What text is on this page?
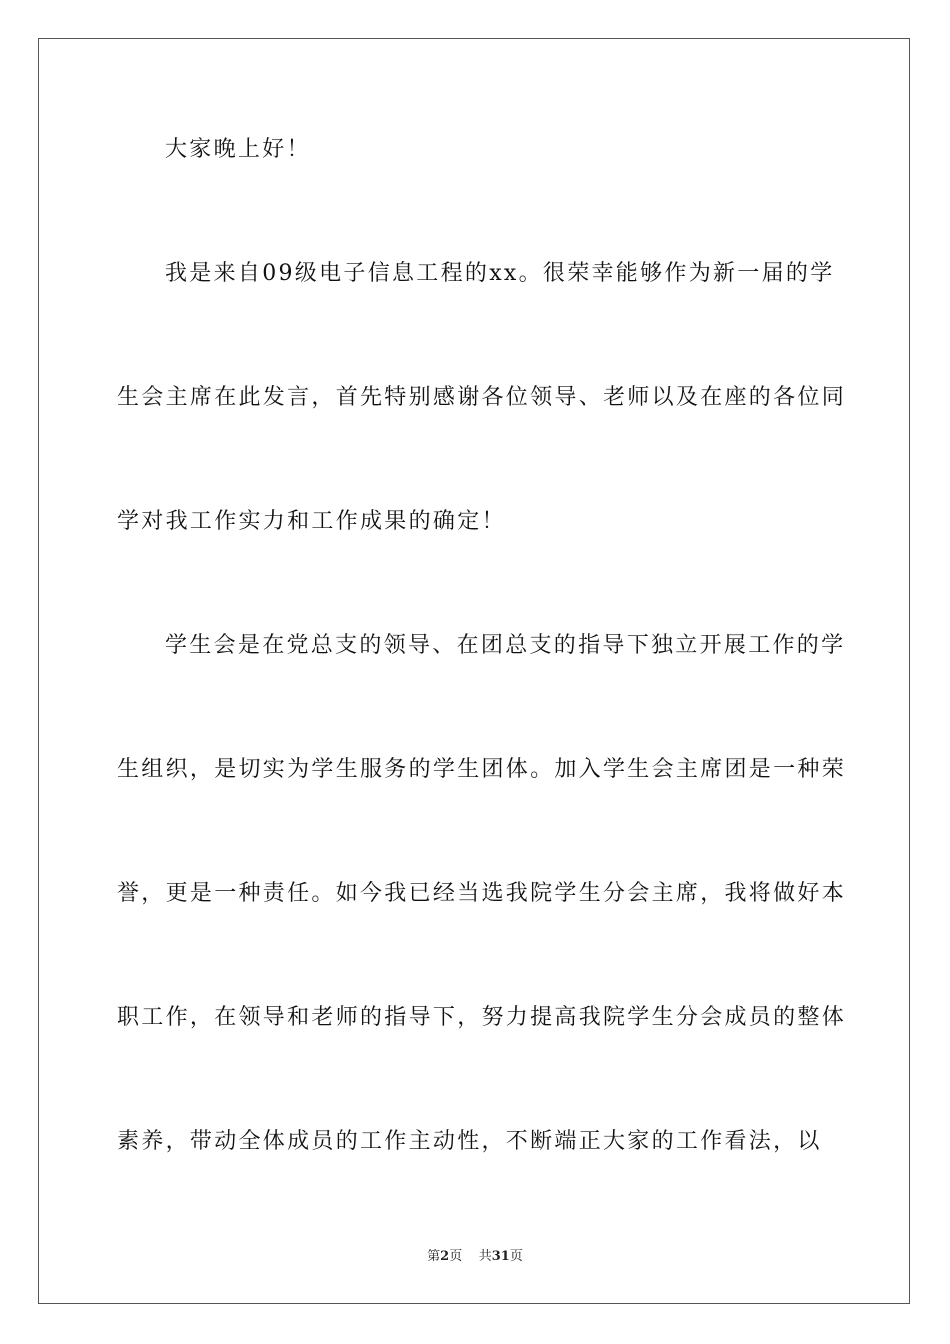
大家晚上好！
我是来自09级电子信息工程的xx。很荣幸能够作为新一届的学
生会主席在此发言，首先特别感谢各位领导、老师以及在座的各位同
学对我工作实力和工作成果的确定！
学生会是在党总支的领导、在团总支的指导下独立开展工作的学
生组织，是切实为学生服务的学生团体。加入学生会主席团是一种荣
誉，更是一种责任。如今我已经当选我院学生分会主席，我将做好本
职工作，在领导和老师的指导下，努力提高我院学生分会成员的整体
素养，带动全体成员的工作主动性，不断端正大家的工作看法，以
第2页 共31页
